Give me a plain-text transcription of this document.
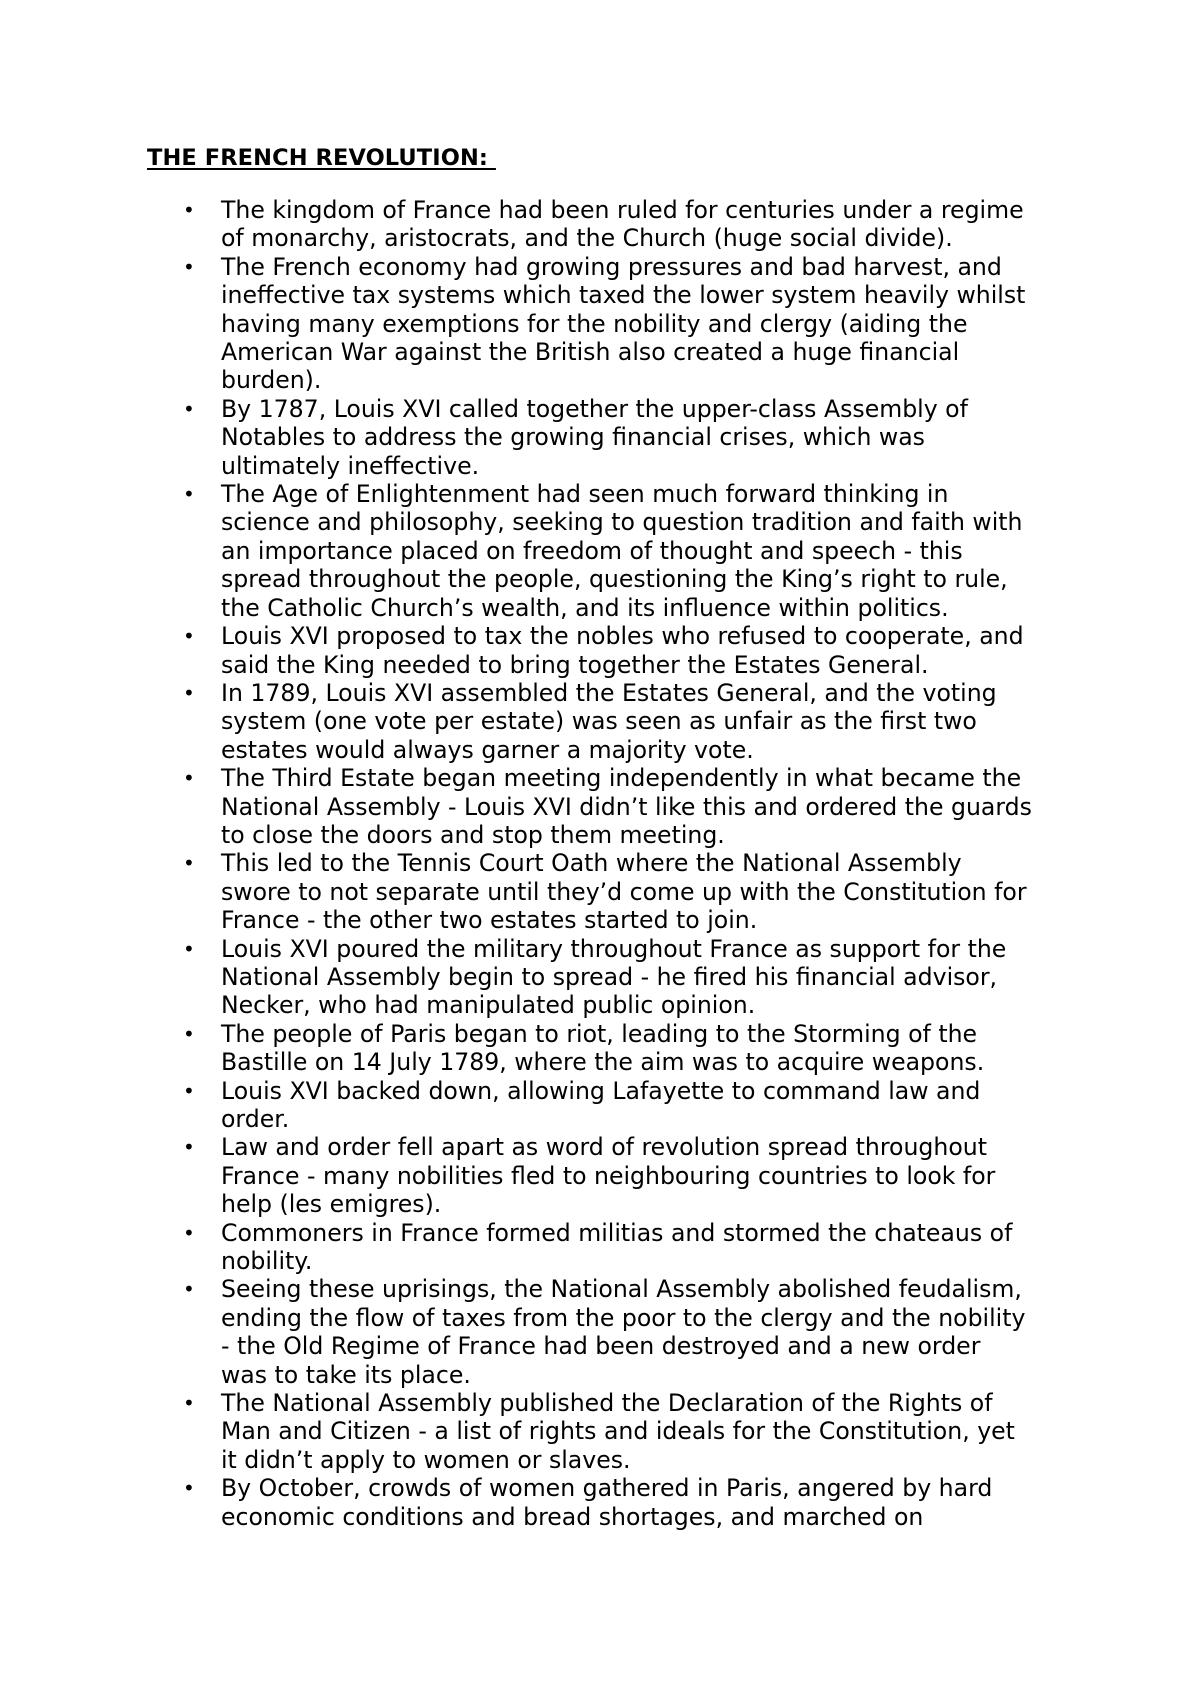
THE FRENCH REVOLUTION:
•	The kingdom of France had been ruled for centuries under a regime
of monarchy, aristocrats, and the Church (huge social divide).
•	The French economy had growing pressures and bad harvest, and
ineffective tax systems which taxed the lower system heavily whilst
having many exemptions for the nobility and clergy (aiding the
American War against the British also created a huge financial
burden).
•	By 1787, Louis XVI called together the upper-class Assembly of
Notables to address the growing financial crises, which was
ultimately ineffective.
•	The Age of Enlightenment had seen much forward thinking in
science and philosophy, seeking to question tradition and faith with
an importance placed on freedom of thought and speech - this
spread throughout the people, questioning the King’s right to rule,
the Catholic Church’s wealth, and its influence within politics.
•	Louis XVI proposed to tax the nobles who refused to cooperate, and
said the King needed to bring together the Estates General.
•	In 1789, Louis XVI assembled the Estates General, and the voting
system (one vote per estate) was seen as unfair as the first two
estates would always garner a majority vote.
•	The Third Estate began meeting independently in what became the
National Assembly - Louis XVI didn’t like this and ordered the guards
to close the doors and stop them meeting.
•	This led to the Tennis Court Oath where the National Assembly
swore to not separate until they’d come up with the Constitution for
France - the other two estates started to join.
•	Louis XVI poured the military throughout France as support for the
National Assembly begin to spread - he fired his financial advisor,
Necker, who had manipulated public opinion.
•	The people of Paris began to riot, leading to the Storming of the
Bastille on 14 July 1789, where the aim was to acquire weapons.
•	Louis XVI backed down, allowing Lafayette to command law and
order.
•	Law and order fell apart as word of revolution spread throughout
France - many nobilities fled to neighbouring countries to look for
help (les emigres).
•	Commoners in France formed militias and stormed the chateaus of
nobility.
•	Seeing these uprisings, the National Assembly abolished feudalism,
ending the flow of taxes from the poor to the clergy and the nobility
- the Old Regime of France had been destroyed and a new order
was to take its place.
•	The National Assembly published the Declaration of the Rights of
Man and Citizen - a list of rights and ideals for the Constitution, yet
it didn’t apply to women or slaves.
•	By October, crowds of women gathered in Paris, angered by hard
economic conditions and bread shortages, and marched on
